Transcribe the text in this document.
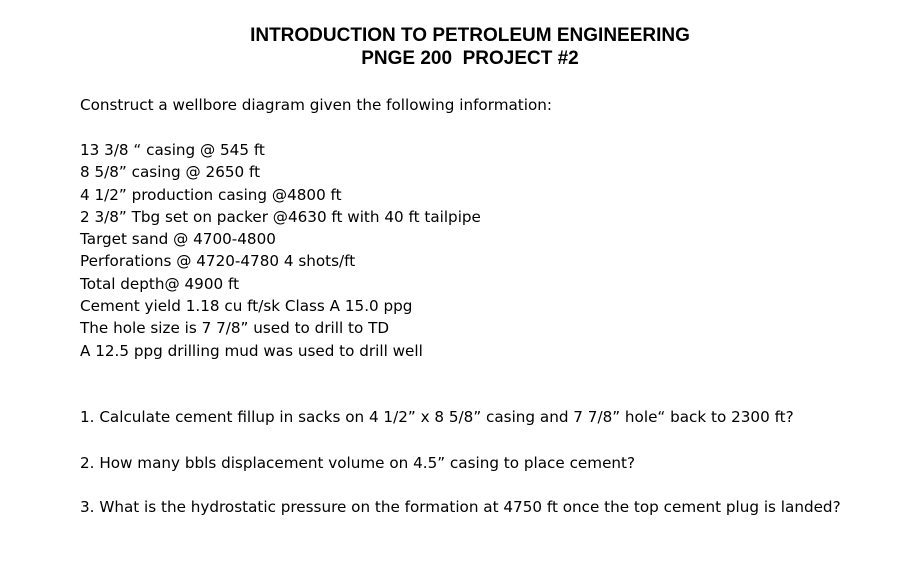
INTRODUCTION TO PETROLEUM ENGINEERING
PNGE 200  PROJECT #2
Construct a wellbore diagram given the following information:
13 3/8 “ casing @ 545 ft
8 5/8” casing @ 2650 ft
4 1/2” production casing @4800 ft
2 3/8” Tbg set on packer @4630 ft with 40 ft tailpipe
Target sand @ 4700-4800
Perforations @ 4720-4780 4 shots/ft
Total depth@ 4900 ft
Cement yield 1.18 cu ft/sk Class A 15.0 ppg
The hole size is 7 7/8” used to drill to TD
A 12.5 ppg drilling mud was used to drill well
1. Calculate cement fillup in sacks on 4 1/2” x 8 5/8” casing and 7 7/8” hole“ back to 2300 ft?
2. How many bbls displacement volume on 4.5” casing to place cement?
3. What is the hydrostatic pressure on the formation at 4750 ft once the top cement plug is landed?
